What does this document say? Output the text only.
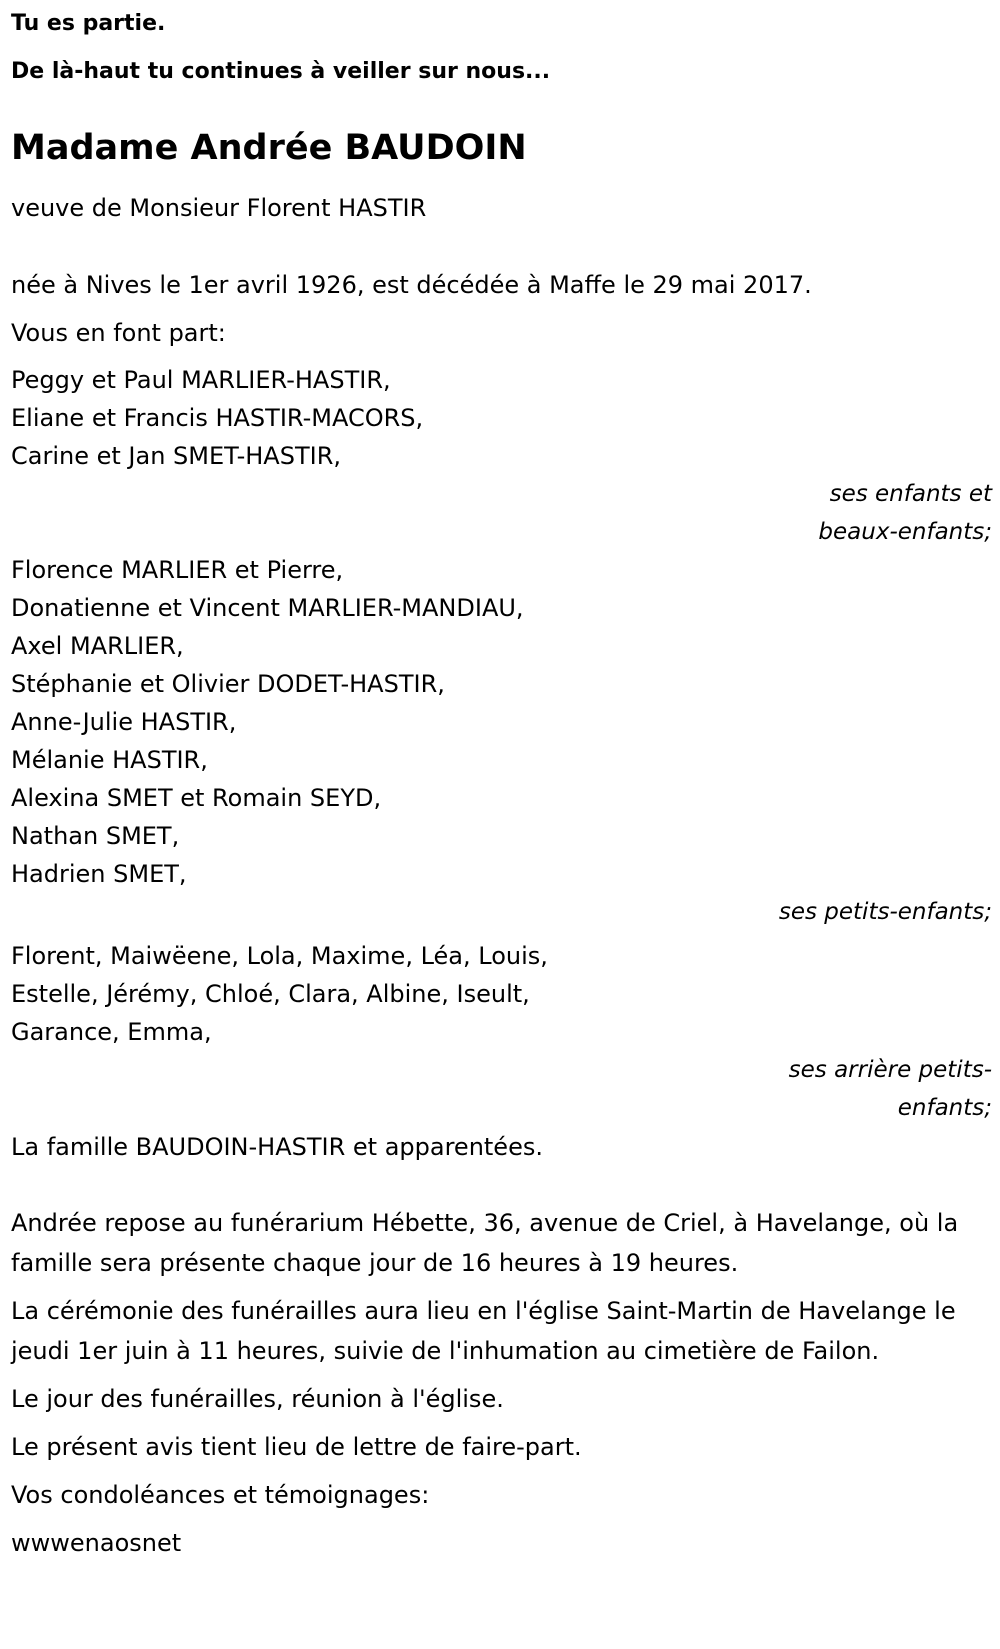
Tu es partie.
De là-haut tu continues à veiller sur nous...
Madame Andrée BAUDOIN

veuve de Monsieur Florent HASTIR

née à Nives le 1er avril 1926, est décédée à Maffe le 29 mai 2017.

Vous en font part:

Peggy et Paul MARLIER-HASTIR,
Eliane et Francis HASTIR-MACORS,
Carine et Jan SMET-HASTIR,
ses enfants et
beaux-enfants;
Florence MARLIER et Pierre,
Donatienne et Vincent MARLIER-MANDIAU,
Axel MARLIER,
Stéphanie et Olivier DODET-HASTIR,
Anne-Julie HASTIR,
Mélanie HASTIR,
Alexina SMET et Romain SEYD,
Nathan SMET,
Hadrien SMET,
ses petits-enfants;
Florent, Maiwëene, Lola, Maxime, Léa, Louis,
Estelle, Jérémy, Chloé, Clara, Albine, Iseult,
Garance, Emma,
ses arrière petits-
enfants;

La famille BAUDOIN-HASTIR et apparentées.

Andrée repose au funérarium Hébette, 36, avenue de Criel, à Havelange, où la famille sera présente chaque jour de 16 heures à 19 heures.

La cérémonie des funérailles aura lieu en l'église Saint-Martin de Havelange le jeudi 1er juin à 11 heures, suivie de l'inhumation au cimetière de Failon.

Le jour des funérailles, réunion à l'église.

Le présent avis tient lieu de lettre de faire-part.

Vos condoléances et témoignages:

wwwenaosnet
